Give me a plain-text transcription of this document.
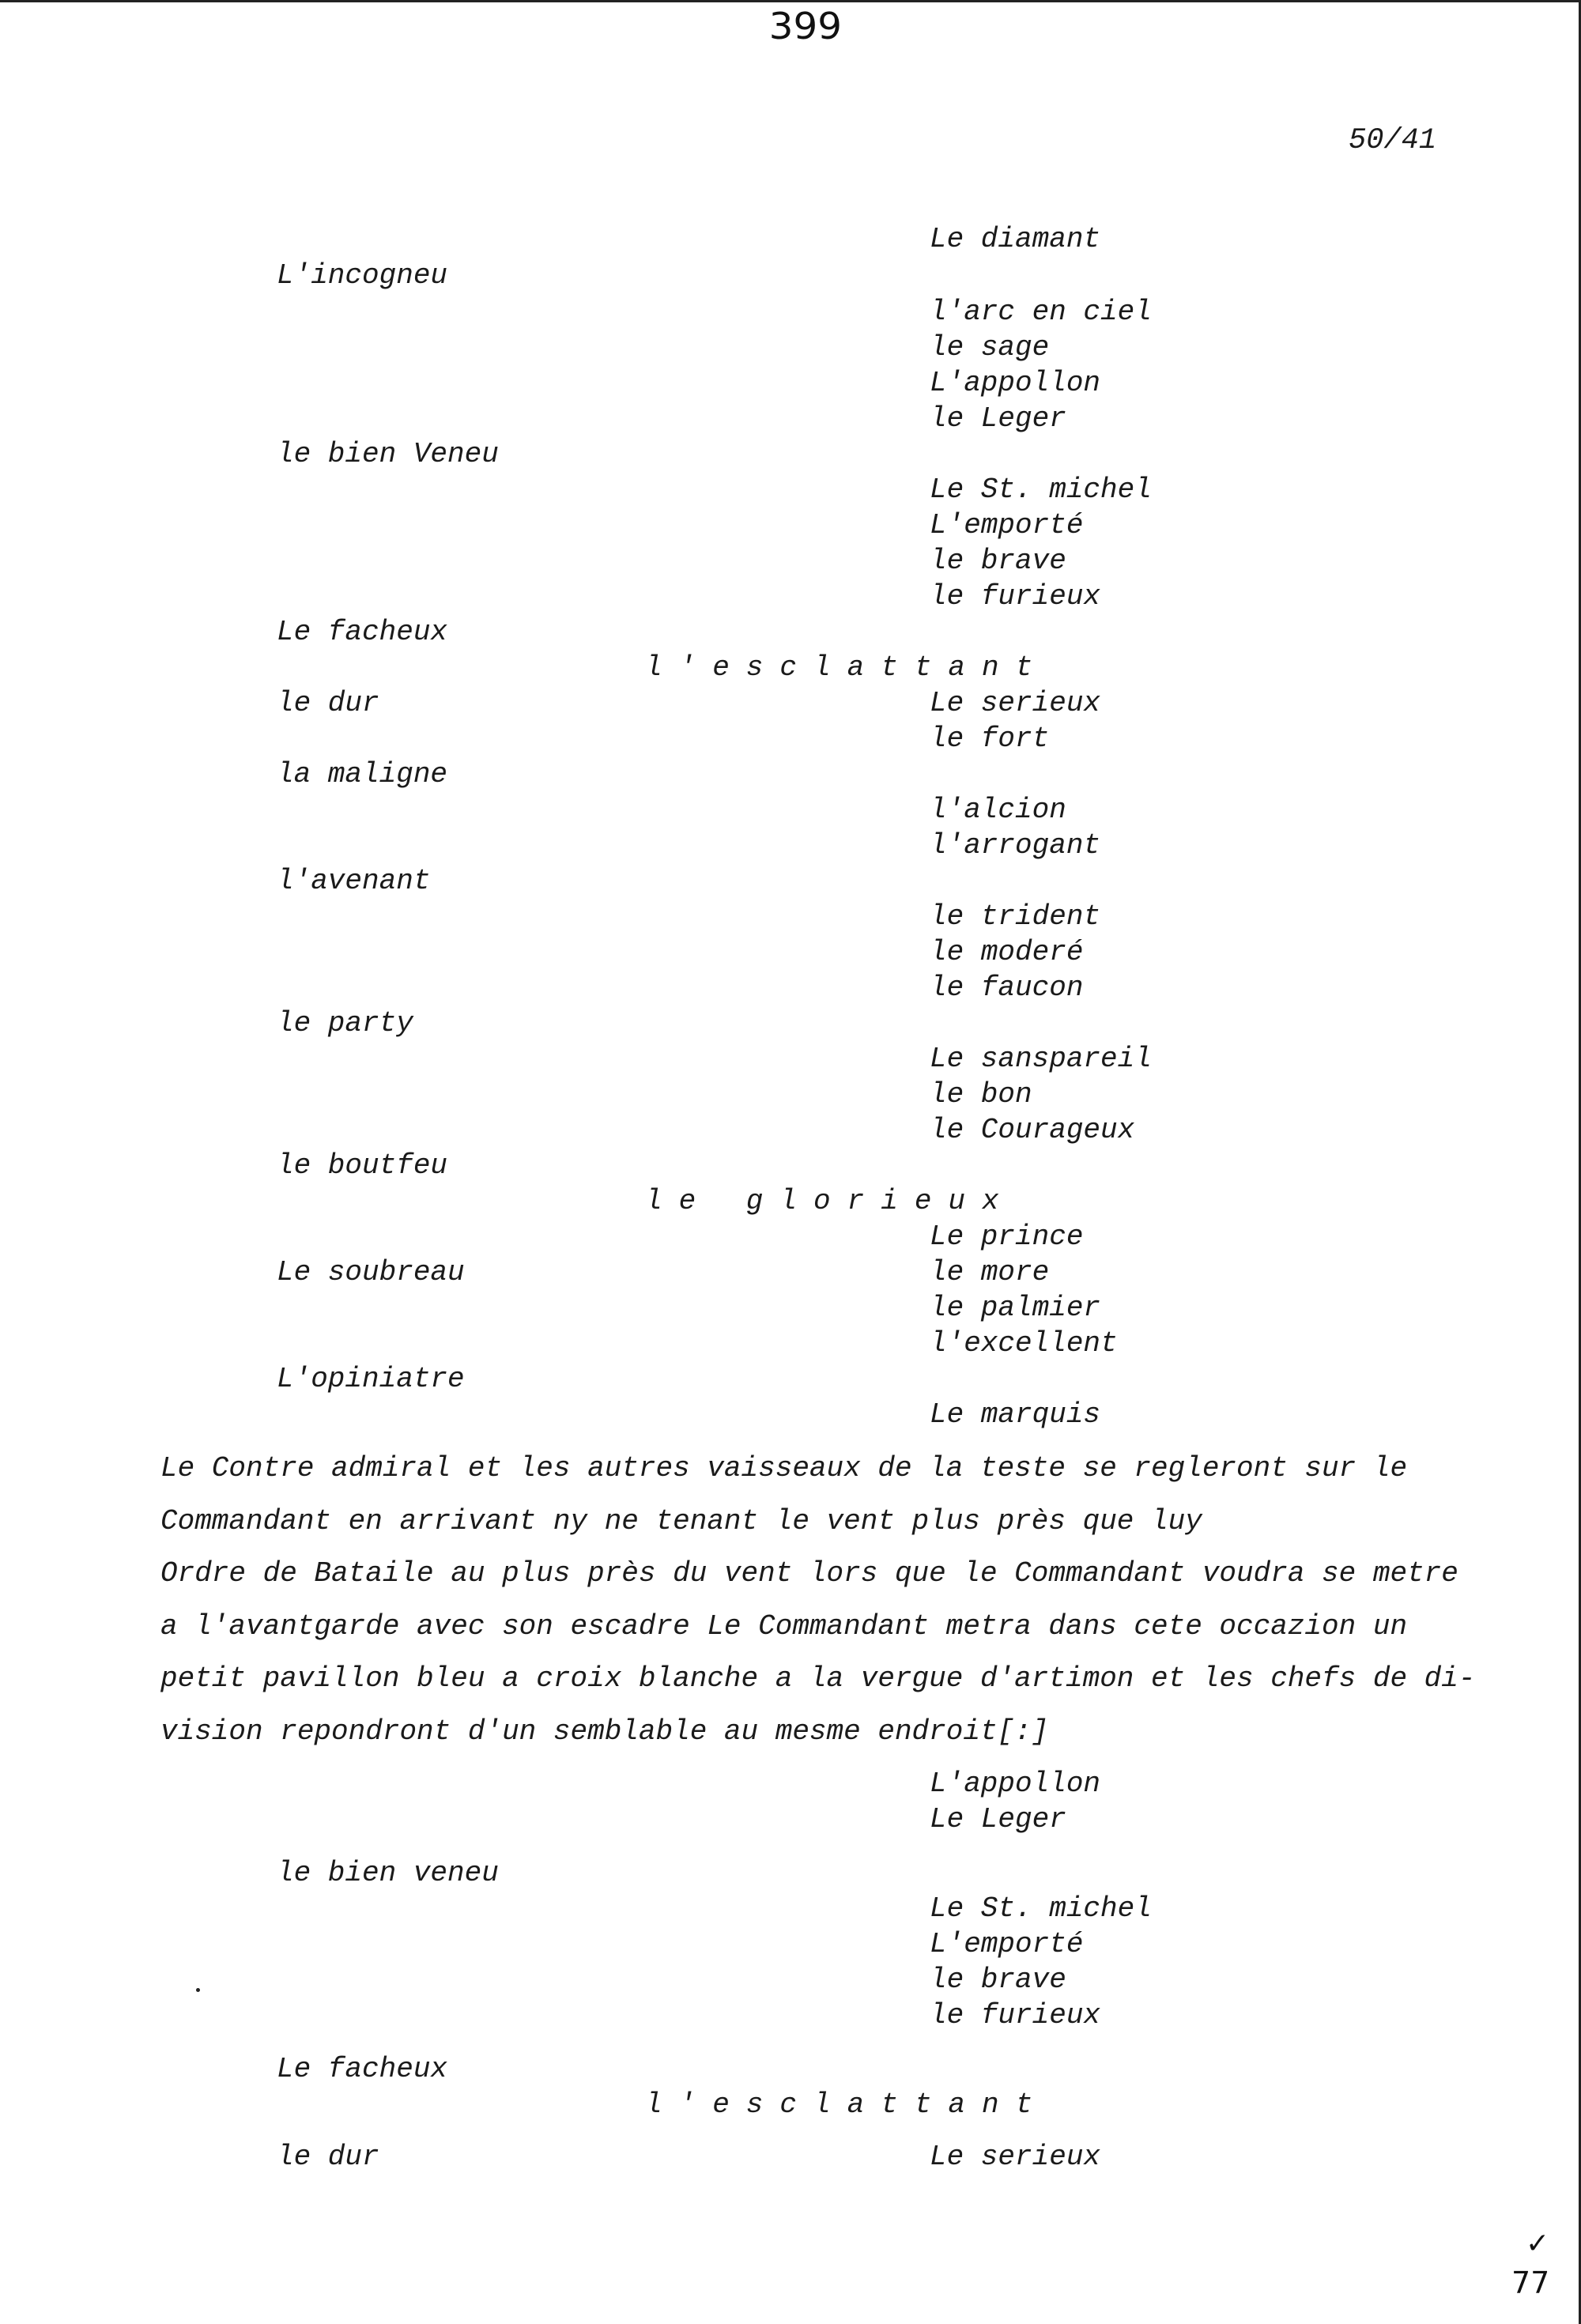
399
50/41
Le diamant
l'arc en ciel
le sage
L'appollon
le Leger
Le St. michel
L'emporté
le brave
le furieux
Le serieux
le fort
l'alcion
l'arrogant
le trident
le moderé
le faucon
Le sanspareil
le bon
le Courageux
Le prince
le more
le palmier
l'excellent
Le marquis
L'incogneu
le bien Veneu
Le facheux
le dur
la maligne
l'avenant
le party
le boutfeu
Le soubreau
L'opiniatre
l'esclattant
le glorieux
Le Contre admiral et les autres vaisseaux de la teste se regleront sur le
Commandant en arrivant ny ne tenant le vent plus près que luy
Ordre de Bataile au plus près du vent lors que le Commandant voudra se metre
a l'avantgarde avec son escadre Le Commandant metra dans cete occazion un
petit pavillon bleu a croix blanche a la vergue d'artimon et les chefs de di-
vision repondront d'un semblable au mesme endroit[:]
L'appollon
Le Leger
Le St. michel
L'emporté
le brave
le furieux
Le serieux
le bien veneu
Le facheux
le dur
l'esclattant
✓
77
